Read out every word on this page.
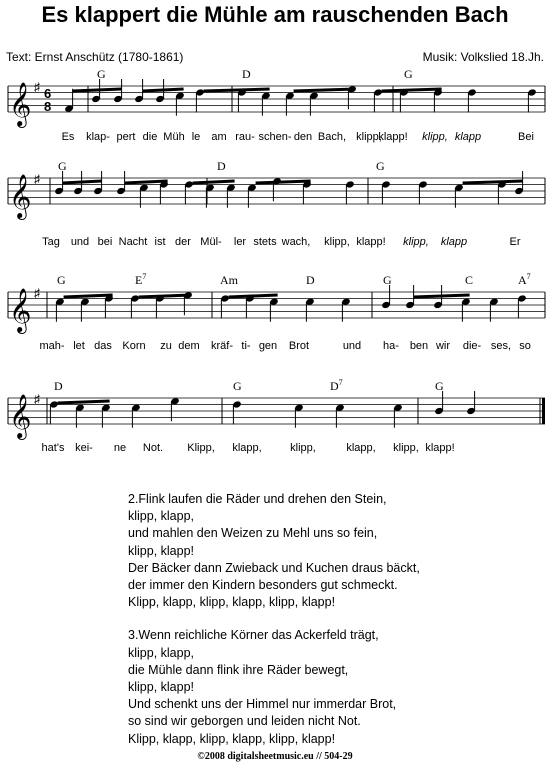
Es klappert die Mühle am rauschenden Bach
Text: Ernst Anschütz (1780-1861)	Musik: Volkslied 18.Jh.
𝄞 ♯ 6
8
G	D	G
Es klap- pert die Müh le am rau- schen- den Bach, klipp,
klapp! klipp, klapp	Bei
𝄞 ♯
G	D	G
Tag und bei Nacht ist der Mül- ler stets wach, klipp, klapp! klipp, klapp	Er
𝄞 ♯
G	$E^7$	Am	D	G	C	$A^7$
mah- let das Korn zu dem kräf- ti- gen Brot	und ha- ben wir die- ses, so
𝄞 ♯
D	G	$D^7$	G
hat's kei- ne Not. Klipp, klapp,	klipp,	klapp, klipp, klapp!
2.Flink laufen die Räder und drehen den Stein,
klipp, klapp,
und mahlen den Weizen zu Mehl uns so fein,
klipp, klapp!
Der Bäcker dann Zwieback und Kuchen draus bäckt,
der immer den Kindern besonders gut schmeckt.
Klipp, klapp, klipp, klapp, klipp, klapp!
3.Wenn reichliche Körner das Ackerfeld trägt,
klipp, klapp,
die Mühle dann flink ihre Räder bewegt,
klipp, klapp!
Und schenkt uns der Himmel nur immerdar Brot,
so sind wir geborgen und leiden nicht Not.
Klipp, klapp, klipp, klapp, klipp, klapp!
©2008 digitalsheetmusic.eu // 504-29
